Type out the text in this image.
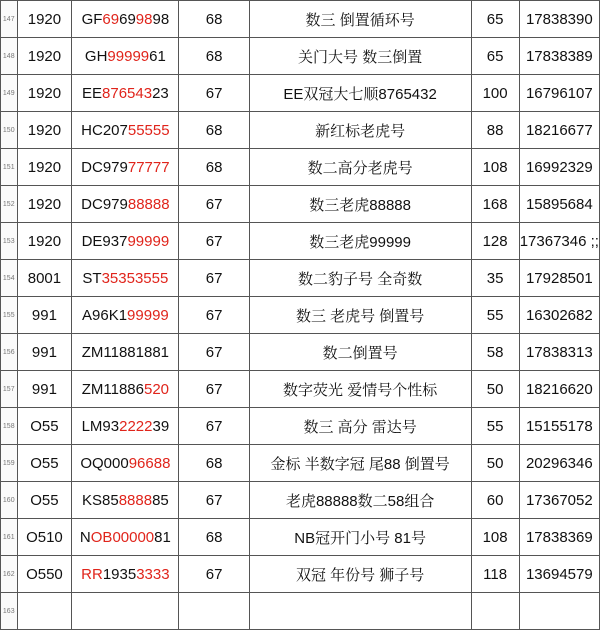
147	1920	GF69699898	68	数三 倒置循环号	65	17838390
148	1920	GH9999961	68	关门大号 数三倒置	65	17838389
149	1920	EE87654323	67	EE双冠大七顺8765432	100	16796107
150	1920	HC20755555	68	新红标老虎号	88	18216677
151	1920	DC97977777	68	数二高分老虎号	108	16992329
152	1920	DC97988888	67	数三老虎88888	168	15895684
153	1920	DE93799999	67	数三老虎99999	128	17367346 ;;
154	8001	ST35353555	67	数二豹子号 全奇数	35	17928501
155	991	A96K199999	67	数三 老虎号 倒置号	55	16302682
156	991	ZM11881881	67	数二倒置号	58	17838313
157	991	ZM11886520	67	数字荧光 爱情号个性标	50	18216620
158	O55	LM93222239	67	数三 高分 雷达号	55	15155178
159	O55	OQ00096688	68	金标 半数字冠 尾88 倒置号	50	20296346
160	O55	KS85888885	67	老虎88888数二58组合	60	17367052
161	O510	NOB0000081	68	NB冠开门小号 81号	108	17838369
162	O550	RR19353333	67	双冠 年份号 狮子号	118	13694579
163						
